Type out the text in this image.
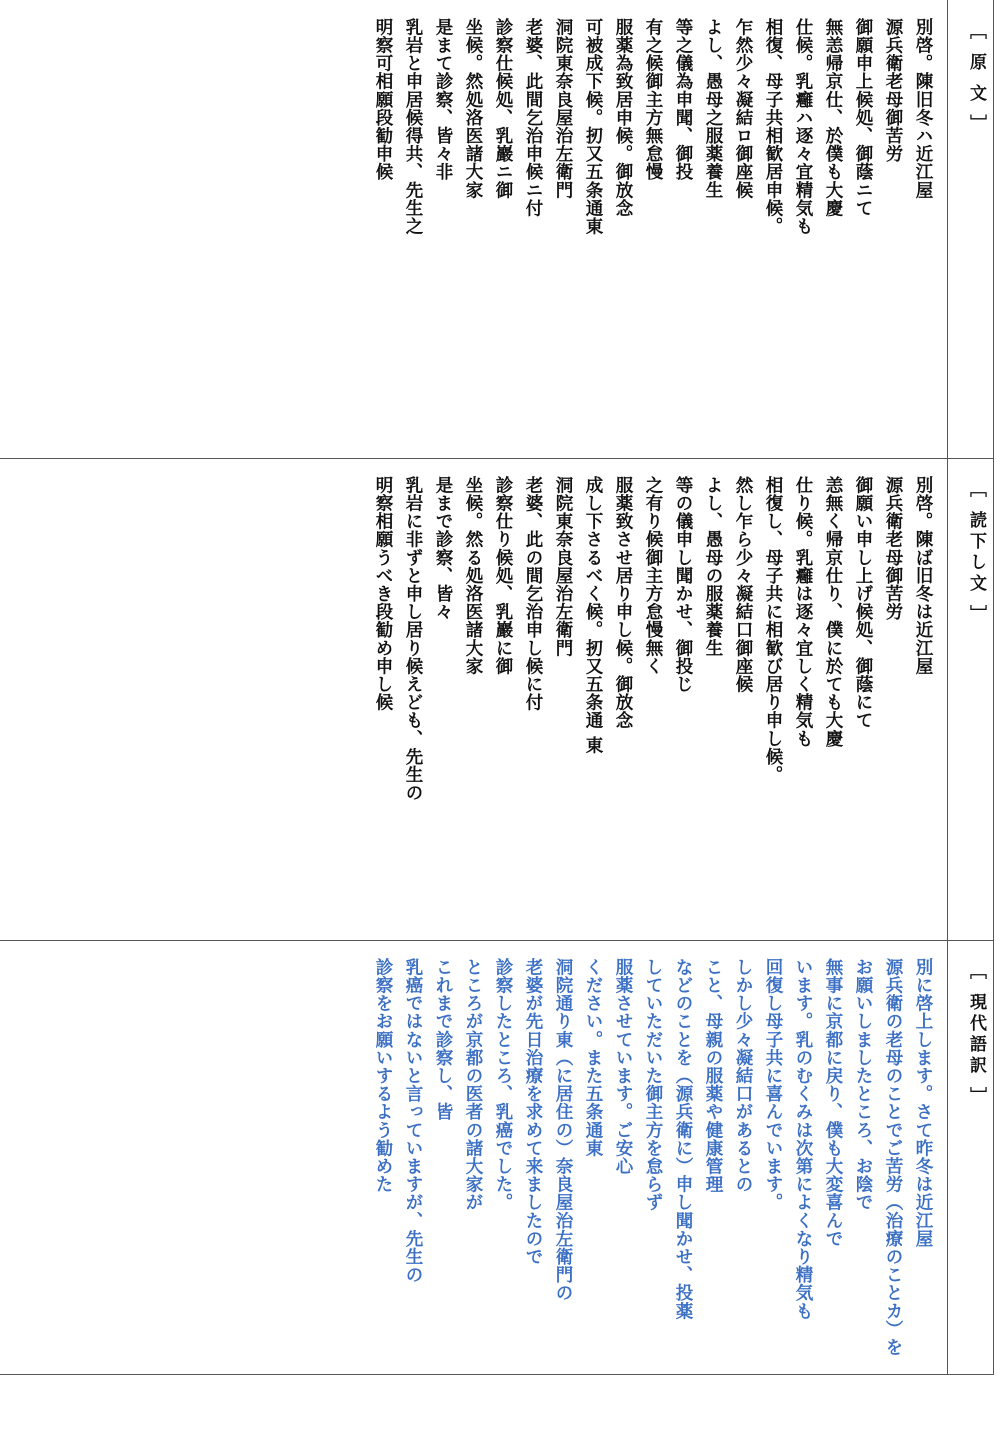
［ 原 文 ］
別啓。陳旧冬ハ近江屋
源兵衛老母御苦労
御願申上候処、御蔭ニて
無恙帰京仕、於僕も大慶
仕候。乳癰ハ逐々宜精気も
相復、母子共相歓居申候。
乍然少々凝結ロ御座候
よし、愚母之服薬養生
等之儀為申聞、御投
有之候御主方無怠慢
服薬為致居申候。御放念
可被成下候。扨又五条通東
洞院東奈良屋治左衛門
老婆、此間乞治申候ニ付
診察仕候処、乳巖ニ御
坐候。然処洛医諸大家
是まて診察、皆々非
乳岩と申居候得共、先生之
明察可相願段勧申候
［ 読下し文 ］
別啓。陳ば旧冬は近江屋
源兵衛老母御苦労
御願い申し上げ候処、御蔭にて
恙無く帰京仕り、僕に於ても大慶
仕り候。乳癰は逐々宜しく精気も
相復し、母子共に相歓び居り申し候。
然し乍ら少々凝結口御座候
よし、愚母の服薬養生
等の儀申し聞かせ、御投じ
之有り候御主方怠慢無く
服薬致させ居り申し候。御放念
成し下さるべく候。扨又五条通 東
洞院東奈良屋治左衛門
老婆、此の間乞治申し候に付
診察仕り候処、乳巖に御
坐候。然る処洛医諸大家
是まで診察、皆々
乳岩に非ずと申し居り候えども、先生の
明察相願うべき段勧め申し候
［ 現代語訳 ］
別に啓上します。さて昨冬は近江屋
源兵衛の老母のことでご苦労（治療のことカ）を
お願いしましたところ、お陰で
無事に京都に戻り、僕も大変喜んで
います。乳のむくみは次第によくなり精気も
回復し母子共に喜んでいます。
しかし少々凝結口があるとの
こと、母親の服薬や健康管理
などのことを（源兵衛に）申し聞かせ、投薬
していただいた御主方を怠らず
服薬させています。ご安心
ください。また五条通東
洞院通り東（に居住の）奈良屋治左衛門の
老婆が先日治療を求めて来ましたので
診察したところ、乳癌でした。
ところが京都の医者の諸大家が
これまで診察し、皆
乳癌ではないと言っていますが、先生の
診察をお願いするよう勧めた
